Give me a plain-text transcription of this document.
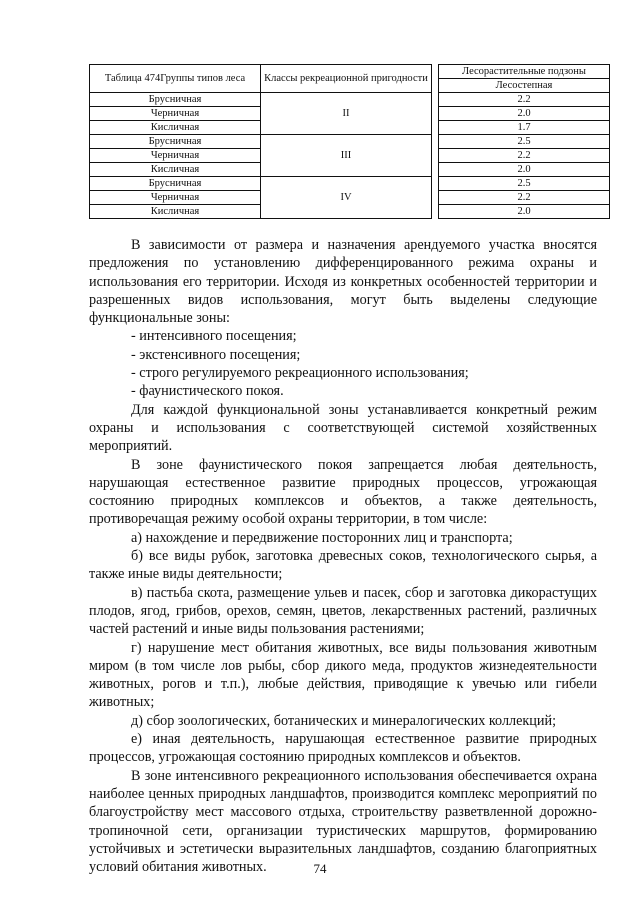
Таблица 474Группы типов леса	Классы рекреационной пригодности		Лесорастительные подзоны
			Лесостепная
Брусничная	II		2.2
Черничная			2.0
Кисличная			1.7
Брусничная	III		2.5
Черничная			2.2
Кисличная			2.0
Брусничная	IV		2.5
Черничная			2.2
Кисличная			2.0

В зависимости от размера и назначения арендуемого участка вносятся предложения по установлению дифференцированного режима охраны и использования его территории. Исходя из конкретных особенностей территории и разрешенных видов использования, могут быть выделены следующие функциональные зоны:

- интенсивного посещения;

- экстенсивного посещения;

- строго регулируемого рекреационного использования;

- фаунистического покоя.

Для каждой функциональной зоны устанавливается конкретный режим охраны и использования с соответствующей системой хозяйственных мероприятий.

В зоне фаунистического покоя запрещается любая деятельность, нарушающая естественное развитие природных процессов, угрожающая состоянию природных комплексов и объектов, а также деятельность, противоречащая режиму особой охраны территории, в том числе:

а) нахождение и передвижение посторонних лиц и транспорта;

б) все виды рубок, заготовка древесных соков, технологического сырья, а также иные виды деятельности;

в) пастьба скота, размещение ульев и пасек, сбор и заготовка дикорастущих плодов, ягод, грибов, орехов, семян, цветов, лекарственных растений, различных частей растений и иные виды пользования растениями;

г) нарушение мест обитания животных, все виды пользования животным миром (в том числе лов рыбы, сбор дикого меда, продуктов жизнедеятельности животных, рогов и т.п.), любые действия, приводящие к увечью или гибели животных;

д) сбор зоологических, ботанических и минералогических коллекций;

е) иная деятельность, нарушающая естественное развитие природных процессов, угрожающая состоянию природных комплексов и объектов.

В зоне интенсивного рекреационного использования обеспечивается охрана наиболее ценных природных ландшафтов, производится комплекс мероприятий по благоустройству мест массового отдыха, строительству разветвленной дорожно-тропиночной сети, организации туристических маршрутов, формированию устойчивых и эстетически выразительных ландшафтов, созданию благоприятных условий обитания животных.	74
